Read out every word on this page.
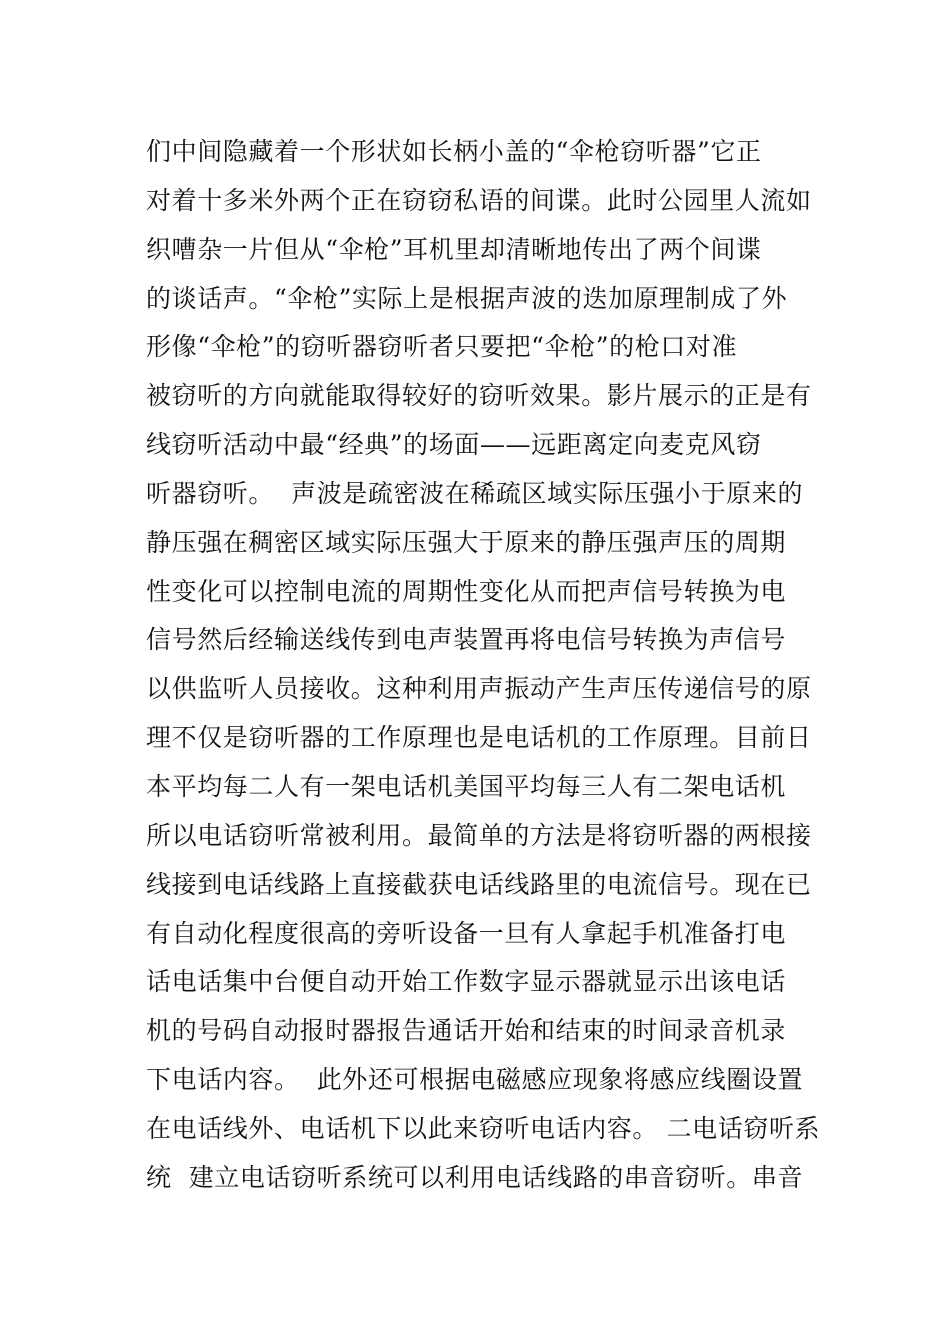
们中间隐藏着一个形状如长柄小盖的“伞枪窃听器”它正
对着十多米外两个正在窃窃私语的间谍。此时公园里人流如
织嘈杂一片但从“伞枪”耳机里却清晰地传出了两个间谍
的谈话声。“伞枪”实际上是根据声波的迭加原理制成了外
形像“伞枪”的窃听器窃听者只要把“伞枪”的枪口对准
被窃听的方向就能取得较好的窃听效果。影片展示的正是有
线窃听活动中最“经典”的场面——远距离定向麦克风窃
听器窃听。  声波是疏密波在稀疏区域实际压强小于原来的
静压强在稠密区域实际压强大于原来的静压强声压的周期
性变化可以控制电流的周期性变化从而把声信号转换为电
信号然后经输送线传到电声装置再将电信号转换为声信号
以供监听人员接收。这种利用声振动产生声压传递信号的原
理不仅是窃听器的工作原理也是电话机的工作原理。目前日
本平均每二人有一架电话机美国平均每三人有二架电话机
所以电话窃听常被利用。最简单的方法是将窃听器的两根接
线接到电话线路上直接截获电话线路里的电流信号。现在已
有自动化程度很高的旁听设备一旦有人拿起手机准备打电
话电话集中台便自动开始工作数字显示器就显示出该电话
机的号码自动报时器报告通话开始和结束的时间录音机录
下电话内容。  此外还可根据电磁感应现象将感应线圈设置
在电话线外、电话机下以此来窃听电话内容。 二电话窃听系
统  建立电话窃听系统可以利用电话线路的串音窃听。串音
